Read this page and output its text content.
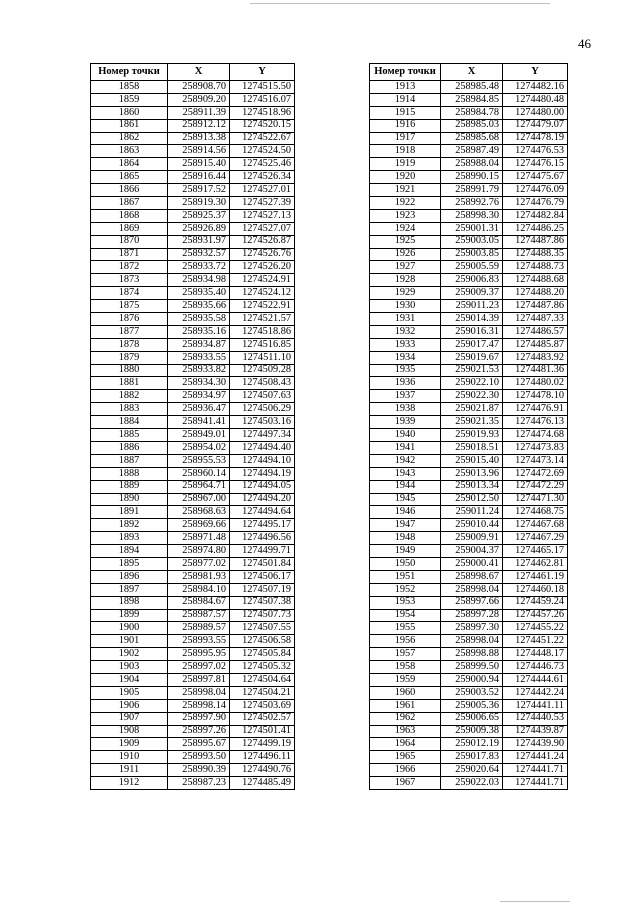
46
Номер точки	X	Y
1858	258908.70	1274515.50
1859	258909.20	1274516.07
1860	258911.39	1274518.96
1861	258912.12	1274520.15
1862	258913.38	1274522.67
1863	258914.56	1274524.50
1864	258915.40	1274525.46
1865	258916.44	1274526.34
1866	258917.52	1274527.01
1867	258919.30	1274527.39
1868	258925.37	1274527.13
1869	258926.89	1274527.07
1870	258931.97	1274526.87
1871	258932.57	1274526.76
1872	258933.72	1274526.20
1873	258934.98	1274524.91
1874	258935.40	1274524.12
1875	258935.66	1274522.91
1876	258935.58	1274521.57
1877	258935.16	1274518.86
1878	258934.87	1274516.85
1879	258933.55	1274511.10
1880	258933.82	1274509.28
1881	258934.30	1274508.43
1882	258934.97	1274507.63
1883	258936.47	1274506.29
1884	258941.41	1274503.16
1885	258949.01	1274497.34
1886	258954.02	1274494.40
1887	258955.53	1274494.10
1888	258960.14	1274494.19
1889	258964.71	1274494.05
1890	258967.00	1274494.20
1891	258968.63	1274494.64
1892	258969.66	1274495.17
1893	258971.48	1274496.56
1894	258974.80	1274499.71
1895	258977.02	1274501.84
1896	258981.93	1274506.17
1897	258984.10	1274507.19
1898	258984.67	1274507.38
1899	258987.57	1274507.73
1900	258989.57	1274507.55
1901	258993.55	1274506.58
1902	258995.95	1274505.84
1903	258997.02	1274505.32
1904	258997.81	1274504.64
1905	258998.04	1274504.21
1906	258998.14	1274503.69
1907	258997.90	1274502.57
1908	258997.26	1274501.41
1909	258995.67	1274499.19
1910	258993.50	1274496.11
1911	258990.39	1274490.76
1912	258987.23	1274485.49
Номер точки	X	Y
1913	258985.48	1274482.16
1914	258984.85	1274480.48
1915	258984.78	1274480.00
1916	258985.03	1274479.07
1917	258985.68	1274478.19
1918	258987.49	1274476.53
1919	258988.04	1274476.15
1920	258990.15	1274475.67
1921	258991.79	1274476.09
1922	258992.76	1274476.79
1923	258998.30	1274482.84
1924	259001.31	1274486.25
1925	259003.05	1274487.86
1926	259003.85	1274488.35
1927	259005.59	1274488.73
1928	259006.83	1274488.68
1929	259009.37	1274488.20
1930	259011.23	1274487.86
1931	259014.39	1274487.33
1932	259016.31	1274486.57
1933	259017.47	1274485.87
1934	259019.67	1274483.92
1935	259021.53	1274481.36
1936	259022.10	1274480.02
1937	259022.30	1274478.10
1938	259021.87	1274476.91
1939	259021.35	1274476.13
1940	259019.93	1274474.68
1941	259018.51	1274473.83
1942	259015.40	1274473.14
1943	259013.96	1274472.69
1944	259013.34	1274472.29
1945	259012.50	1274471.30
1946	259011.24	1274468.75
1947	259010.44	1274467.68
1948	259009.91	1274467.29
1949	259004.37	1274465.17
1950	259000.41	1274462.81
1951	258998.67	1274461.19
1952	258998.04	1274460.18
1953	258997.66	1274459.24
1954	258997.28	1274457.26
1955	258997.30	1274455.22
1956	258998.04	1274451.22
1957	258998.88	1274448.17
1958	258999.50	1274446.73
1959	259000.94	1274444.61
1960	259003.52	1274442.24
1961	259005.36	1274441.11
1962	259006.65	1274440.53
1963	259009.38	1274439.87
1964	259012.19	1274439.90
1965	259017.83	1274441.24
1966	259020.64	1274441.71
1967	259022.03	1274441.71
